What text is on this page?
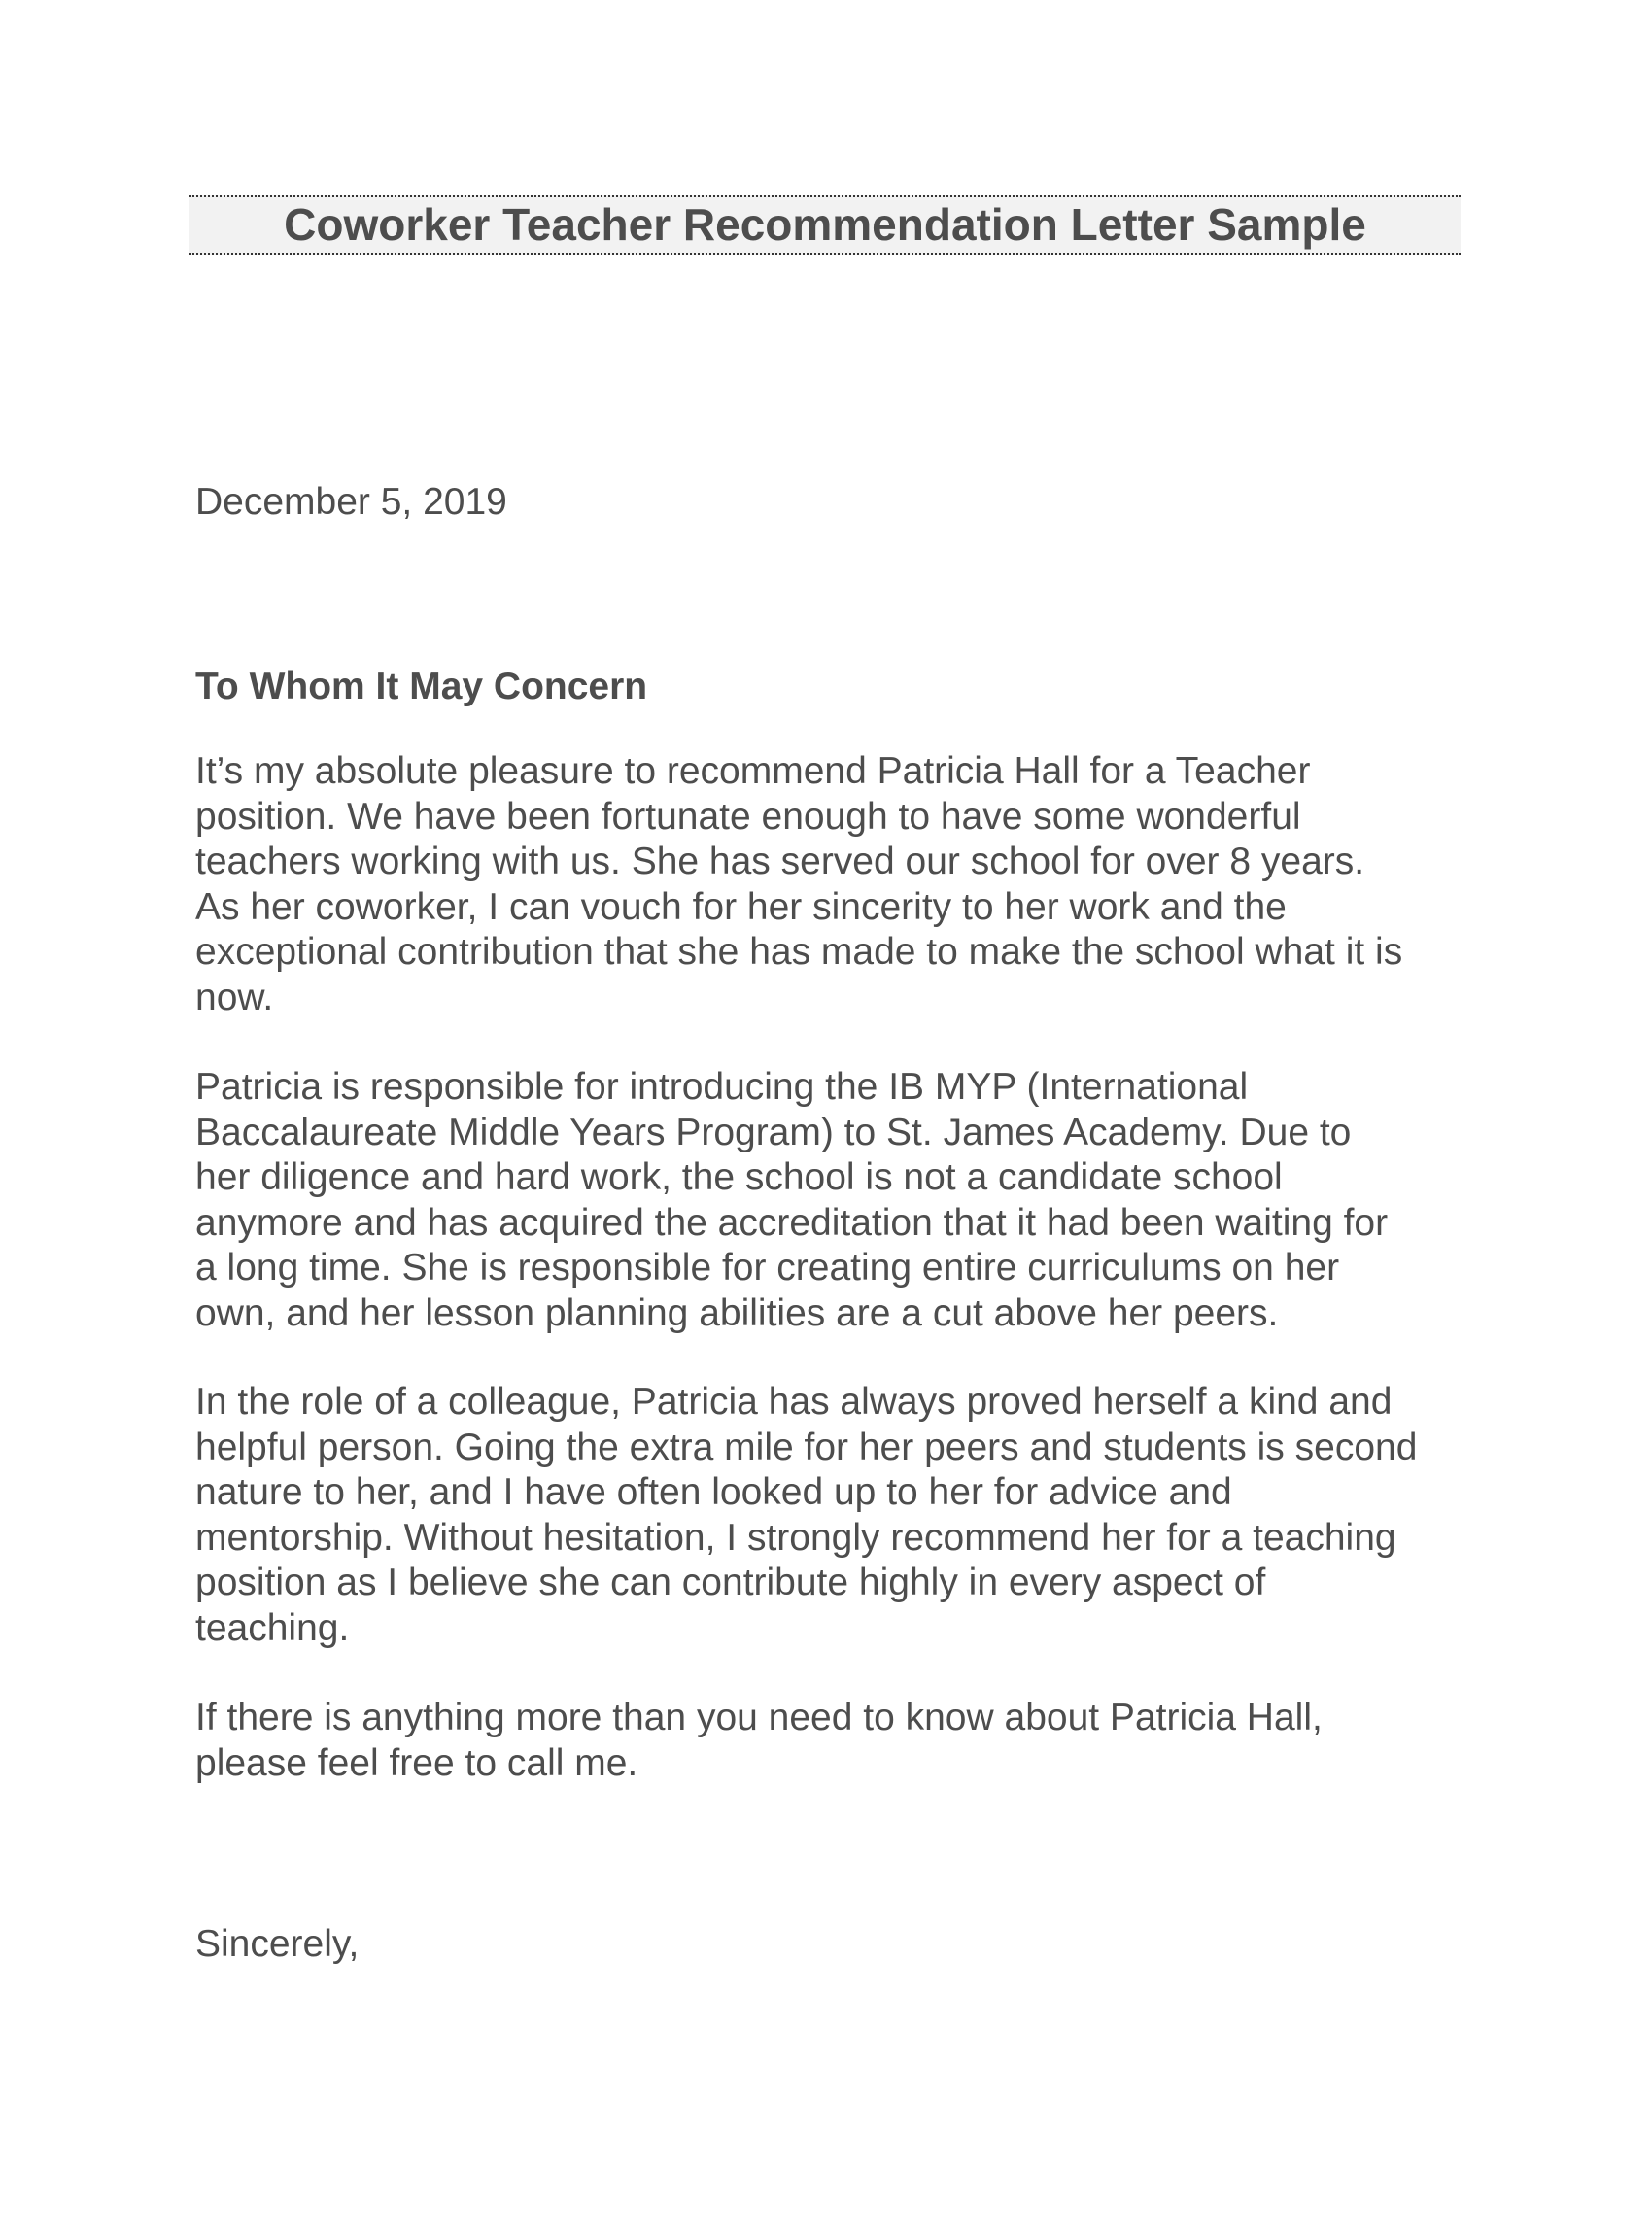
Coworker Teacher Recommendation Letter Sample
December 5, 2019
To Whom It May Concern
It’s my absolute pleasure to recommend Patricia Hall for a Teacher
position. We have been fortunate enough to have some wonderful
teachers working with us. She has served our school for over 8 years.
As her coworker, I can vouch for her sincerity to her work and the
exceptional contribution that she has made to make the school what it is
now.
Patricia is responsible for introducing the IB MYP (International
Baccalaureate Middle Years Program) to St. James Academy. Due to
her diligence and hard work, the school is not a candidate school
anymore and has acquired the accreditation that it had been waiting for
a long time. She is responsible for creating entire curriculums on her
own, and her lesson planning abilities are a cut above her peers.
In the role of a colleague, Patricia has always proved herself a kind and
helpful person. Going the extra mile for her peers and students is second
nature to her, and I have often looked up to her for advice and
mentorship. Without hesitation, I strongly recommend her for a teaching
position as I believe she can contribute highly in every aspect of
teaching.
If there is anything more than you need to know about Patricia Hall,
please feel free to call me.
Sincerely,
